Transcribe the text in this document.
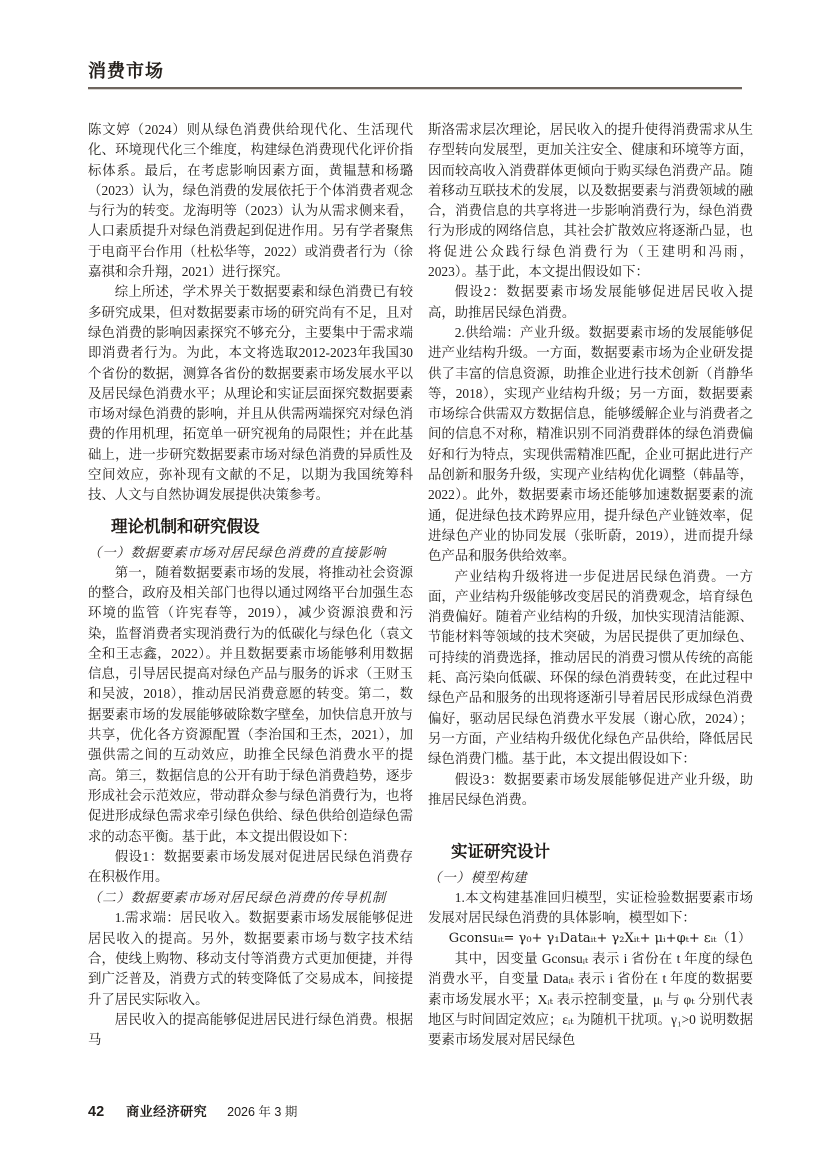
消费市场

陈文婷（2024）则从绿色消费供给现代化、生活现代化、环境现代化三个维度，构建绿色消费现代化评价指标体系。最后，在考虑影响因素方面，黄韫慧和杨璐（2023）认为，绿色消费的发展依托于个体消费者观念与行为的转变。龙海明等（2023）认为从需求侧来看，人口素质提升对绿色消费起到促进作用。另有学者聚焦于电商平台作用（杜松华等，2022）或消费者行为（徐嘉祺和佘升翔，2021）进行探究。

综上所述，学术界关于数据要素和绿色消费已有较多研究成果，但对数据要素市场的研究尚有不足，且对绿色消费的影响因素探究不够充分，主要集中于需求端即消费者行为。为此，本文将选取2012-2023年我国30个省份的数据，测算各省份的数据要素市场发展水平以及居民绿色消费水平；从理论和实证层面探究数据要素市场对绿色消费的影响，并且从供需两端探究对绿色消费的作用机理，拓宽单一研究视角的局限性；并在此基础上，进一步研究数据要素市场对绿色消费的异质性及空间效应，弥补现有文献的不足，以期为我国统筹科技、人文与自然协调发展提供决策参考。

理论机制和研究假设

（一）数据要素市场对居民绿色消费的直接影响

第一，随着数据要素市场的发展，将推动社会资源的整合，政府及相关部门也得以通过网络平台加强生态环境的监管（许宪春等，2019），减少资源浪费和污染，监督消费者实现消费行为的低碳化与绿色化（袁文全和王志鑫，2022）。并且数据要素市场能够利用数据信息，引导居民提高对绿色产品与服务的诉求（王财玉和吴波，2018），推动居民消费意愿的转变。第二，数据要素市场的发展能够破除数字壁垒，加快信息开放与共享，优化各方资源配置（李治国和王杰，2021），加强供需之间的互动效应，助推全民绿色消费水平的提高。第三，数据信息的公开有助于绿色消费趋势，逐步形成社会示范效应，带动群众参与绿色消费行为，也将促进形成绿色需求牵引绿色供给、绿色供给创造绿色需求的动态平衡。基于此，本文提出假设如下：

假设1：数据要素市场发展对促进居民绿色消费存在积极作用。

（二）数据要素市场对居民绿色消费的传导机制

1.需求端：居民收入。数据要素市场发展能够促进居民收入的提高。另外，数据要素市场与数字技术结合，使线上购物、移动支付等消费方式更加便捷，并得到广泛普及，消费方式的转变降低了交易成本，间接提升了居民实际收入。

居民收入的提高能够促进居民进行绿色消费。根据马

斯洛需求层次理论，居民收入的提升使得消费需求从生存型转向发展型，更加关注安全、健康和环境等方面，因而较高收入消费群体更倾向于购买绿色消费产品。随着移动互联技术的发展，以及数据要素与消费领域的融合，消费信息的共享将进一步影响消费行为，绿色消费行为形成的网络信息，其社会扩散效应将逐渐凸显，也将促进公众践行绿色消费行为（王建明和冯雨，2023）。基于此，本文提出假设如下：

假设2：数据要素市场发展能够促进居民收入提高，助推居民绿色消费。

2.供给端：产业升级。数据要素市场的发展能够促进产业结构升级。一方面，数据要素市场为企业研发提供了丰富的信息资源，助推企业进行技术创新（肖静华等，2018），实现产业结构升级；另一方面，数据要素市场综合供需双方数据信息，能够缓解企业与消费者之间的信息不对称，精准识别不同消费群体的绿色消费偏好和行为特点，实现供需精准匹配，企业可据此进行产品创新和服务升级，实现产业结构优化调整（韩晶等，2022）。此外，数据要素市场还能够加速数据要素的流通，促进绿色技术跨界应用，提升绿色产业链效率，促进绿色产业的协同发展（张昕蔚，2019），进而提升绿色产品和服务供给效率。

产业结构升级将进一步促进居民绿色消费。一方面，产业结构升级能够改变居民的消费观念，培育绿色消费偏好。随着产业结构的升级，加快实现清洁能源、节能材料等领域的技术突破，为居民提供了更加绿色、可持续的消费选择，推动居民的消费习惯从传统的高能耗、高污染向低碳、环保的绿色消费转变，在此过程中绿色产品和服务的出现将逐渐引导着居民形成绿色消费偏好，驱动居民绿色消费水平发展（谢心欣，2024）；另一方面，产业结构升级优化绿色产品供给，降低居民绿色消费门槛。基于此，本文提出假设如下：

假设3：数据要素市场发展能够促进产业升级，助推居民绿色消费。

实证研究设计

（一）模型构建

1.本文构建基准回归模型，实证检验数据要素市场发展对居民绿色消费的具体影响，模型如下：

Gconsuᵢₜ= γ₀+ γ₁Dataᵢₜ+ γ₂Xᵢₜ+ μᵢ+φₜ+ εᵢₜ （1）

其中，因变量 Gconsuᵢₜ 表示 i 省份在 t 年度的绿色消费水平，自变量 Dataᵢₜ 表示 i 省份在 t 年度的数据要素市场发展水平；Xᵢₜ 表示控制变量，μᵢ 与 φₜ 分别代表地区与时间固定效应；εᵢₜ 为随机干扰项。γ₁>0 说明数据要素市场发展对居民绿色

42 商业经济研究 2026 年 3 期
